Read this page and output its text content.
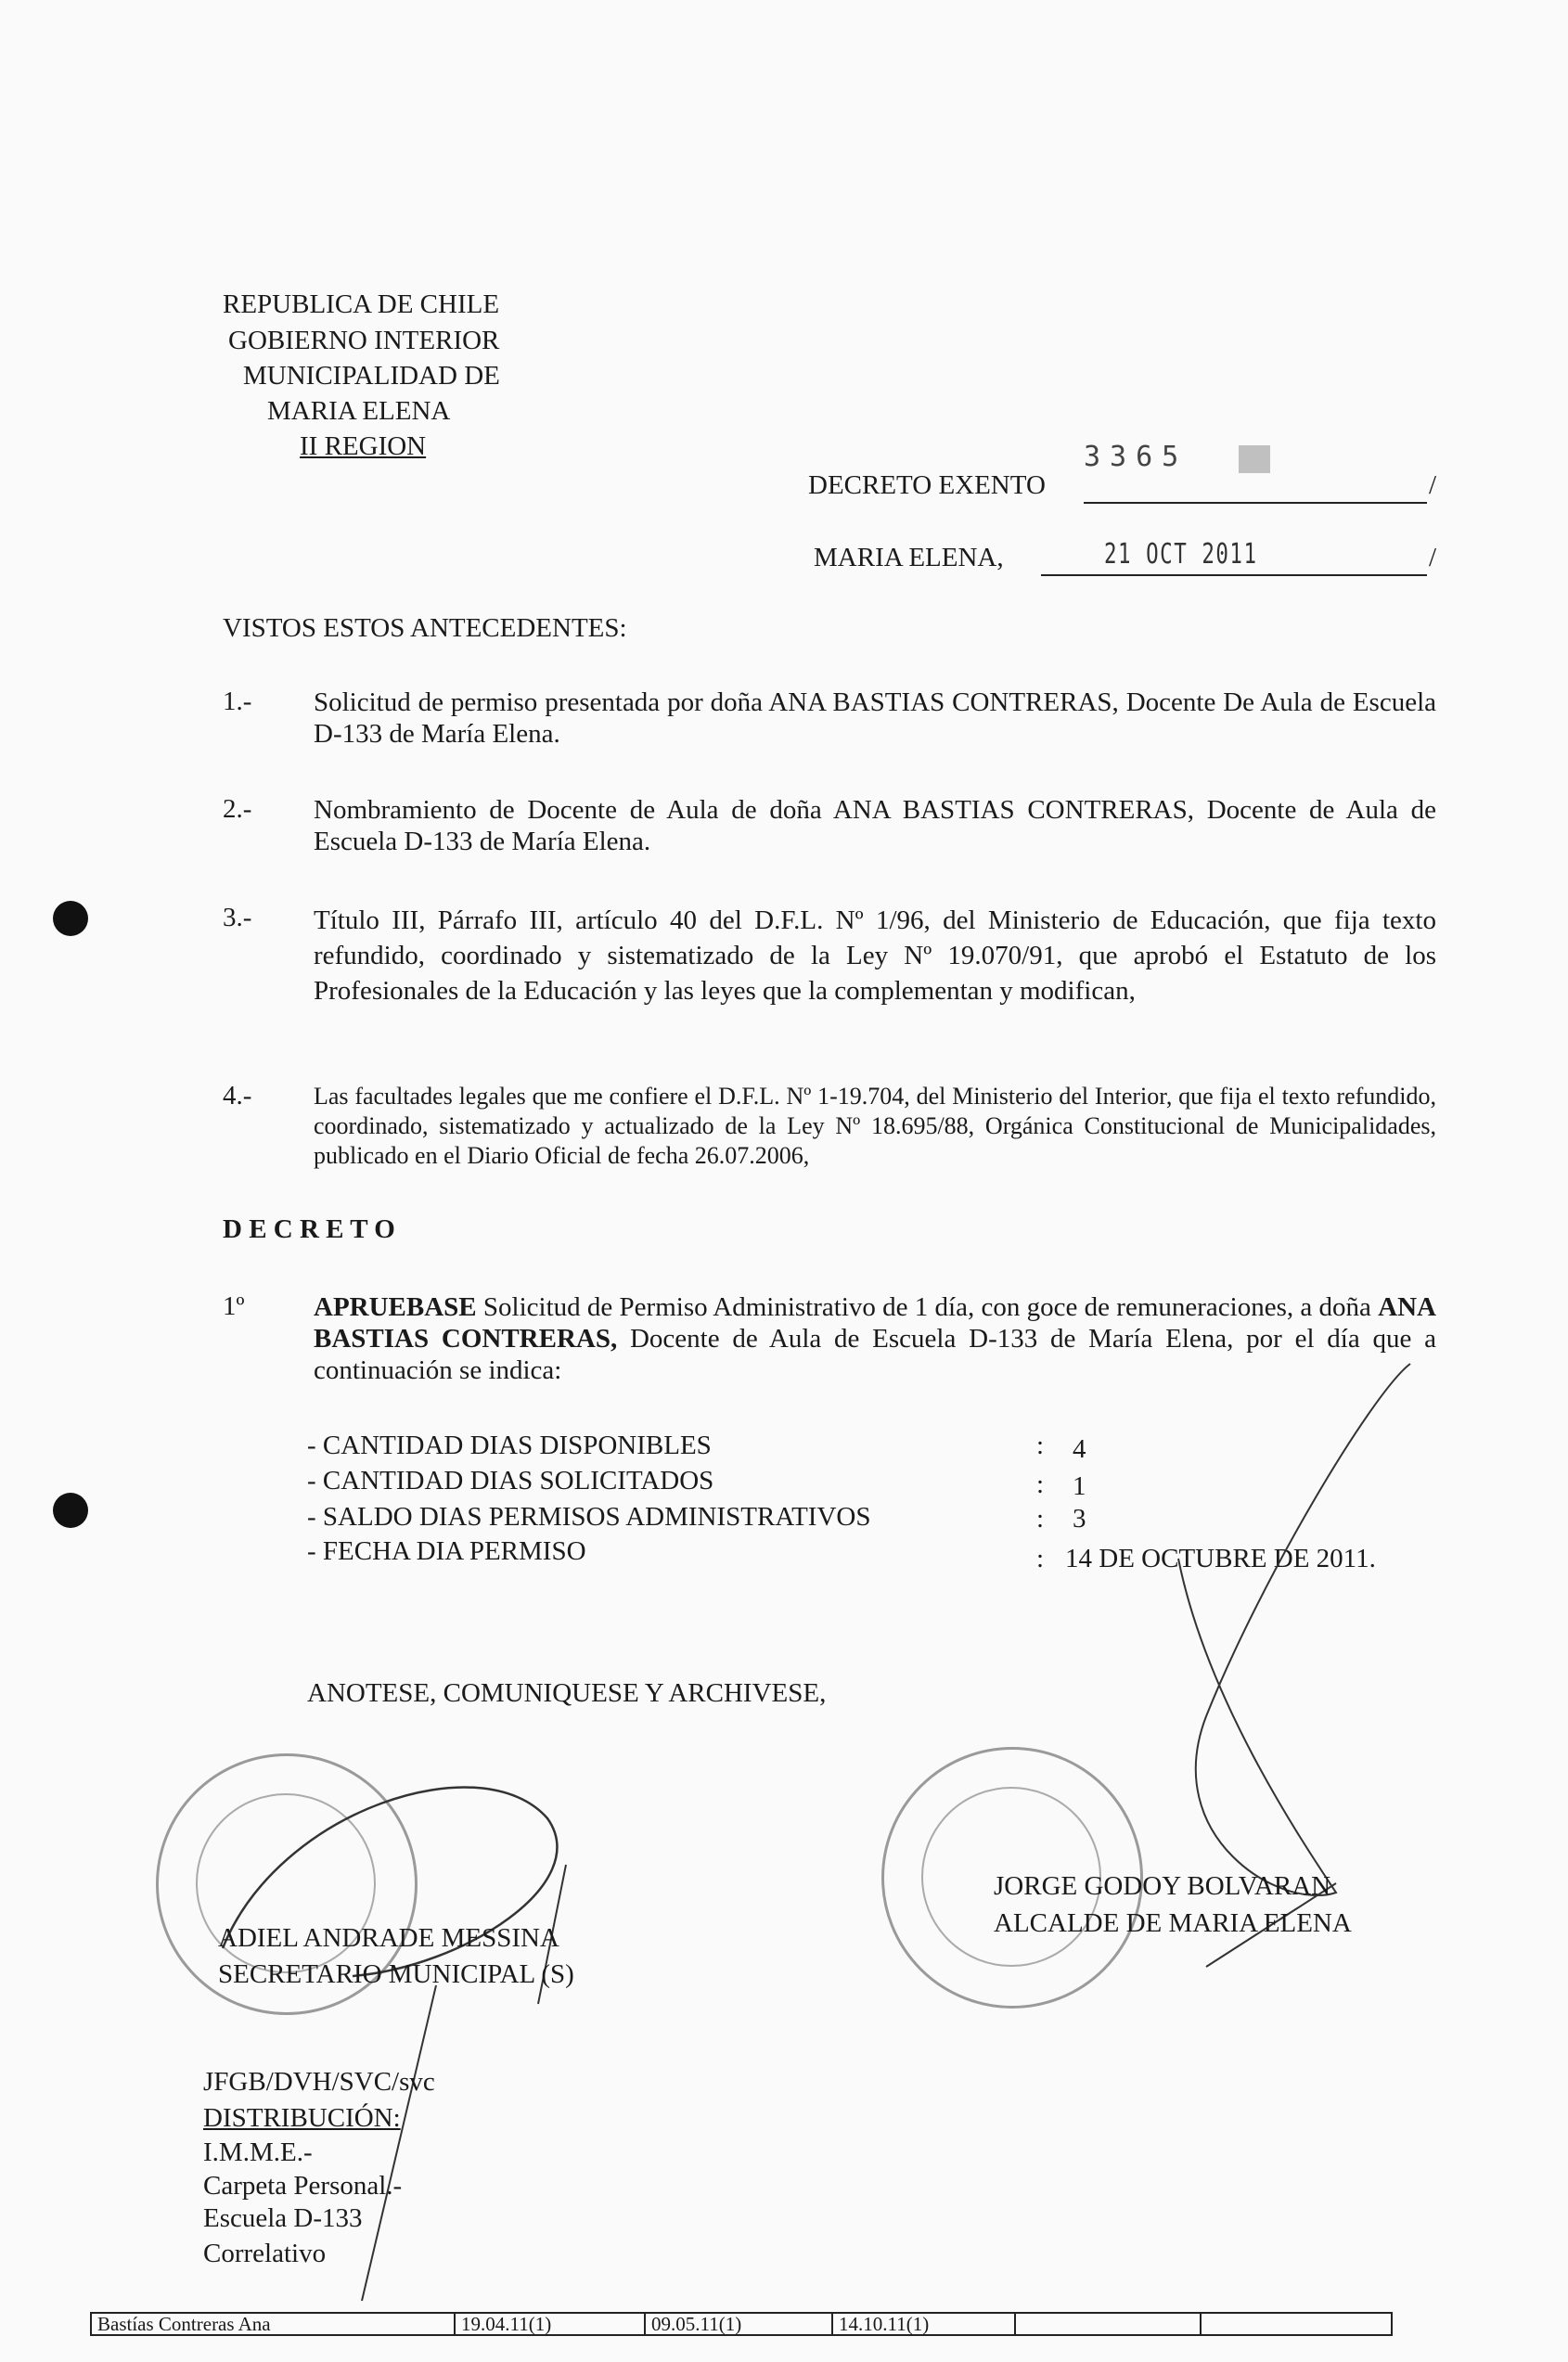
REPUBLICA DE CHILE
GOBIERNO INTERIOR
MUNICIPALIDAD DE
MARIA ELENA
II REGION
DECRETO EXENTO
3365
/
MARIA ELENA,	21 OCT 2011	/
VISTOS ESTOS ANTECEDENTES:
1.- Solicitud de permiso presentada por doña ANA BASTIAS CONTRERAS, Docente De Aula de Escuela D-133 de María Elena.
2.- Nombramiento de Docente de Aula de doña ANA BASTIAS CONTRERAS, Docente de Aula de Escuela D-133 de María Elena.
3.- Título III, Párrafo III, artículo 40 del D.F.L. Nº 1/96, del Ministerio de Educación, que fija texto refundido, coordinado y sistematizado de la Ley Nº 19.070/91, que aprobó el Estatuto de los Profesionales de la Educación y las leyes que la complementan y modifican,
4.-	Las facultades legales que me confiere el D.F.L. Nº 1-19.704, del Ministerio del Interior, que fija el texto refundido, coordinado, sistematizado y actualizado de la Ley Nº 18.695/88, Orgánica Constitucional de Municipalidades, publicado en el Diario Oficial de fecha 26.07.2006,
D E C R E T O
1º	APRUEBASE Solicitud de Permiso Administrativo de 1 día, con goce de remuneraciones, a doña ANA BASTIAS CONTRERAS, Docente de Aula de Escuela D-133 de María Elena, por el día que a continuación se indica:
- CANTIDAD DIAS DISPONIBLES	: 4
- CANTIDAD DIAS SOLICITADOS	: 1
- SALDO DIAS PERMISOS ADMINISTRATIVOS	: 3
- FECHA DIA PERMISO	: 14 DE OCTUBRE DE 2011.
ANOTESE, COMUNIQUESE Y ARCHIVESE,
ADIEL ANDRADE MESSINA
SECRETARIO MUNICIPAL (S)
JORGE GODOY BOLVARAN
ALCALDE DE MARIA ELENA
JFGB/DVH/SVC/svc
DISTRIBUCIÓN:
I.M.M.E.-
Carpeta Personal.-
Escuela D-133
Correlativo
Bastías Contreras Ana	19.04.11(1)	09.05.11(1)	14.10.11(1)		
